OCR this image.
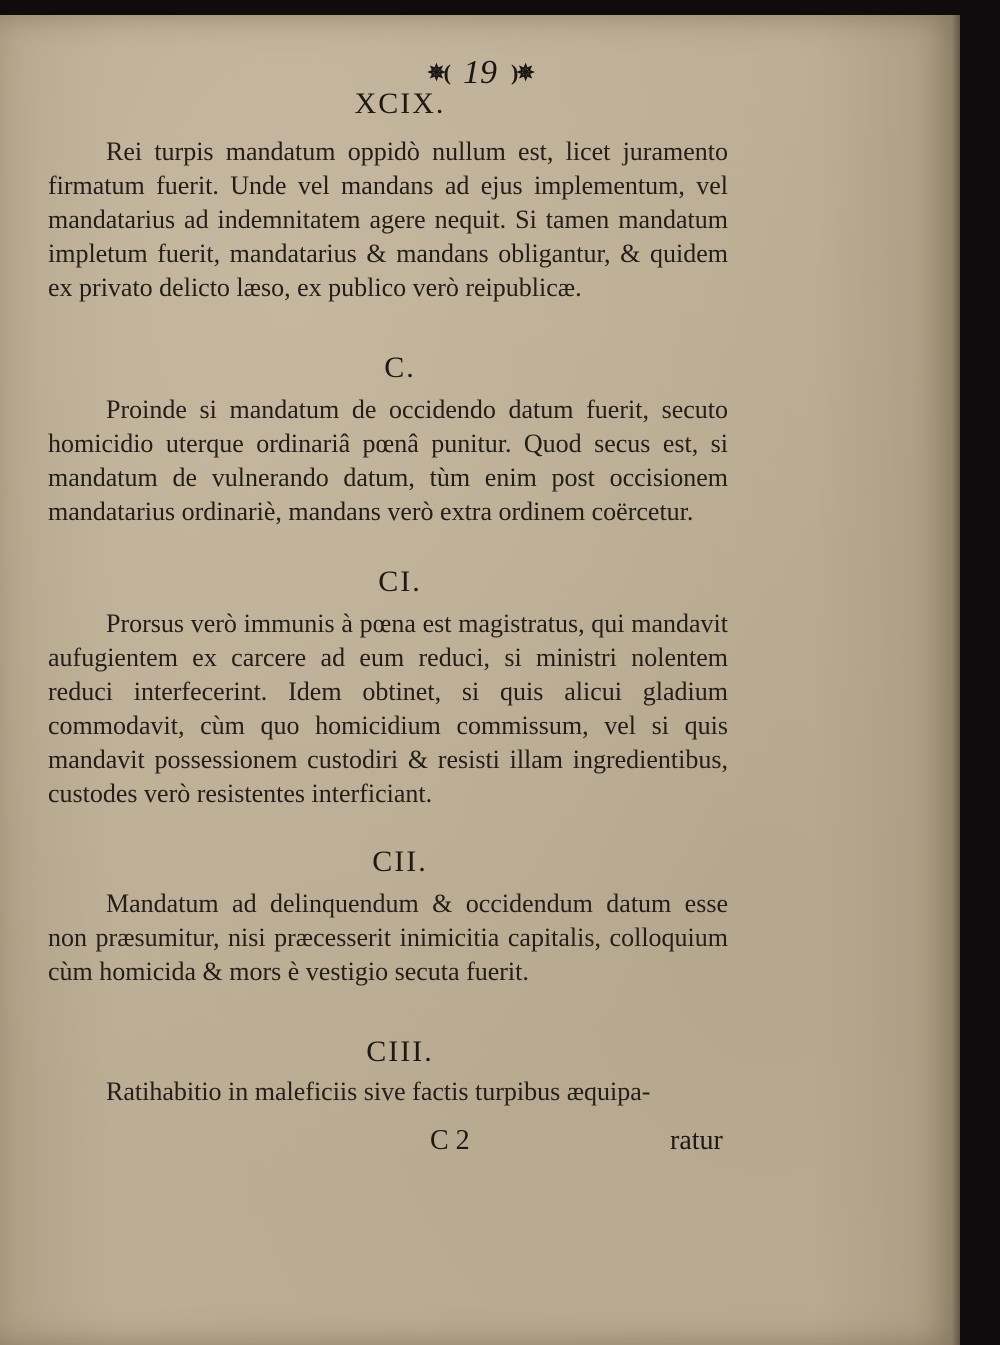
✵( 19 )✵
XCIX.

Rei turpis mandatum oppidò nullum est, licet juramento firmatum fuerit. Unde vel mandans ad ejus implementum, vel mandatarius ad indemnitatem agere nequit. Si tamen mandatum impletum fuerit, mandatarius & mandans obligantur, & quidem ex privato delicto læso, ex publico verò reipublicæ.

C.

Proinde si mandatum de occidendo datum fuerit, secuto homicidio uterque ordinariâ pœnâ punitur. Quod secus est, si mandatum de vulnerando datum, tùm enim post occisionem mandatarius ordinariè, mandans verò extra ordinem coërcetur.

CI.

Prorsus verò immunis à pœna est magistratus, qui mandavit aufugientem ex carcere ad eum reduci, si ministri nolentem reduci interfecerint. Idem obtinet, si quis alicui gladium commodavit, cùm quo homicidium commissum, vel si quis mandavit possessionem custodiri & resisti illam ingredientibus, custodes verò resistentes interficiant.

CII.

Mandatum ad delinquendum & occidendum datum esse non præsumitur, nisi præcesserit inimicitia capitalis, colloquium cùm homicida & mors è vestigio secuta fuerit.

CIII.

Ratihabitio in maleficiis sive factis turpibus æquipa-

C 2	ratur
